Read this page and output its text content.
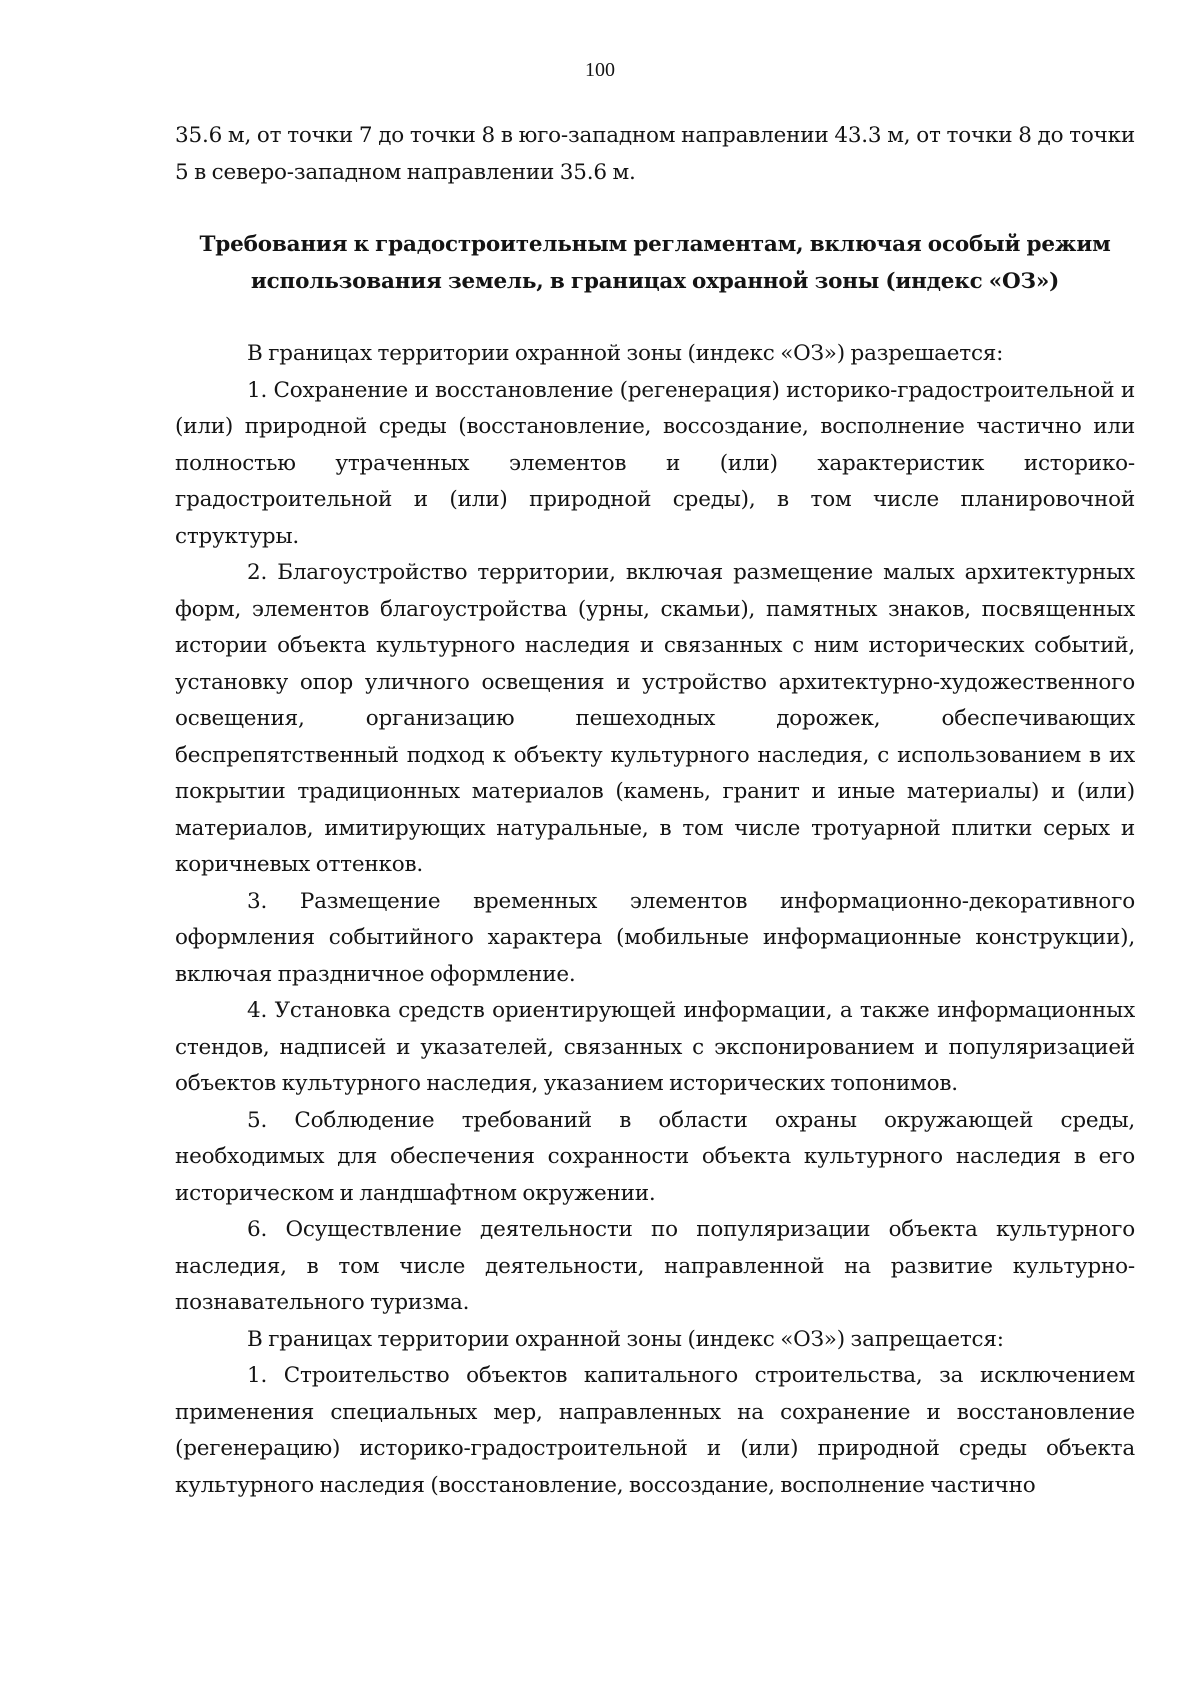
100

35.6 м, от точки 7 до точки 8 в юго-западном направлении 43.3 м, от точки 8 до точки 5 в северо-западном направлении 35.6 м.

Требования к градостроительным регламентам, включая особый режим использования земель, в границах охранной зоны (индекс «ОЗ»)

В границах территории охранной зоны (индекс «ОЗ») разрешается:

1. Сохранение и восстановление (регенерация) историко-градостроительной и (или) природной среды (восстановление, воссоздание, восполнение частично или полностью утраченных элементов и (или) характеристик историко-градостроительной и (или) природной среды), в том числе планировочной структуры.

2. Благоустройство территории, включая размещение малых архитектурных форм, элементов благоустройства (урны, скамьи), памятных знаков, посвященных истории объекта культурного наследия и связанных с ним исторических событий, установку опор уличного освещения и устройство архитектурно-художественного освещения, организацию пешеходных дорожек, обеспечивающих беспрепятственный подход к объекту культурного наследия, с использованием в их покрытии традиционных материалов (камень, гранит и иные материалы) и (или) материалов, имитирующих натуральные, в том числе тротуарной плитки серых и коричневых оттенков.

3. Размещение временных элементов информационно-декоративного оформления событийного характера (мобильные информационные конструкции), включая праздничное оформление.

4. Установка средств ориентирующей информации, а также информационных стендов, надписей и указателей, связанных с экспонированием и популяризацией объектов культурного наследия, указанием исторических топонимов.

5. Соблюдение требований в области охраны окружающей среды, необходимых для обеспечения сохранности объекта культурного наследия в его историческом и ландшафтном окружении.

6. Осуществление деятельности по популяризации объекта культурного наследия, в том числе деятельности, направленной на развитие культурно-познавательного туризма.

В границах территории охранной зоны (индекс «ОЗ») запрещается:

1. Строительство объектов капитального строительства, за исключением применения специальных мер, направленных на сохранение и восстановление (регенерацию) историко-градостроительной и (или) природной среды объекта культурного наследия (восстановление, воссоздание, восполнение частично
